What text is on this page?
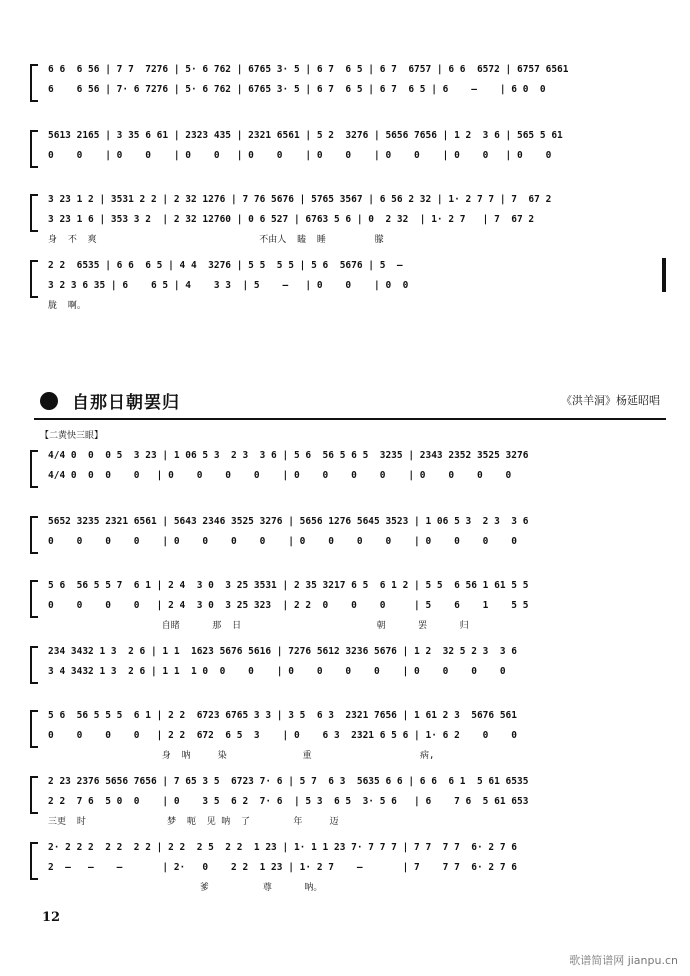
6 6  6 56 | 7 7  7276 | 5· 6 762 | 6765 3· 5 | 6 7  6 5 | 6 7  6757 | 6 6  6572 | 6757 6561
6    6 56 | 7· 6 7276 | 5· 6 762 | 6765 3· 5 | 6 7  6 5 | 6 7  6 5 | 6    —    | 6 0  0
5613 2165 | 3 35 6 61 | 2323 435 | 2321 6561 | 5 2  3276 | 5656 7656 | 1 2  3 6 | 565 5 61
0    0    | 0    0    | 0    0   | 0    0    | 0    0    | 0    0    | 0    0   | 0    0
3 23 1 2 | 3531 2 2 | 2 32 1276 | 7 76 5676 | 5765 3567 | 6 56 2 32 | 1· 2 7 7 | 7  67 2
3 23 1 6 | 353 3 2  | 2 32 12760 | 0 6 527 | 6763 5 6 | 0  2 32  | 1· 2 7   | 7  67 2
身  不  爽                              不由人  瞌  睡         朦
2 2  6535 | 6 6  6 5 | 4 4  3276 | 5 5  5 5 | 5 6  5676 | 5  —
3 2 3 6 35 | 6    6 5 | 4    3 3  | 5    —   | 0    0    | 0  0
胧  啊。
自那日朝罢归	《洪羊洞》杨延昭唱
【二黄快三眼】
4/4 0  0  0 5  3 23 | 1 06 5 3  2 3  3 6 | 5 6  56 5 6 5  3235 | 2343 2352 3525 3276
4/4 0  0  0    0   | 0    0    0    0    | 0    0    0    0    | 0    0    0    0
5652 3235 2321 6561 | 5643 2346 3525 3276 | 5656 1276 5645 3523 | 1 06 5 3  2 3  3 6
0    0    0    0    | 0    0    0    0    | 0    0    0    0    | 0    0    0    0
5 6  56 5 5 7  6 1 | 2 4  3 0  3 25 3531 | 2 35 3217 6 5  6 1 2 | 5 5  6 56 1 61 5 5
0    0    0    0   | 2 4  3 0  3 25 323  | 2 2  0    0    0     | 5    6    1    5 5
自睹      那  日                         朝      罢      归
234 3432 1 3  2 6 | 1 1  1623 5676 5616 | 7276 5612 3236 5676 | 1 2  32 5 2 3  3 6
3 4 3432 1 3  2 6 | 1 1  1 0  0    0    | 0    0    0    0    | 0    0    0    0
5 6  56 5 5 5  6 1 | 2 2  6723 6765 3 3 | 3 5  6 3  2321 7656 | 1 61 2 3  5676 561
0    0    0    0   | 2 2  672  6 5  3    | 0    6 3  2321 6 5 6 | 1· 6 2    0    0
身  呐     染              重                    病,
2 23 2376 5656 7656 | 7 65 3 5  6723 7· 6 | 5 7  6 3  5635 6 6 | 6 6  6 1  5 61 6535
2 2  7 6  5 0  0    | 0    3 5  6 2  7· 6  | 5 3  6 5  3· 5 6   | 6    7 6  5 61 653
三更  时               梦  呃  见 呐  了        年     迈
2· 2 2 2  2 2  2 2 | 2 2  2 5  2 2  1 23 | 1· 1 1 23 7· 7 7 7 | 7 7  7 7  6· 2 7 6
2  —   —    —       | 2·   0    2 2  1 23 | 1· 2 7    —       | 7    7 7  6· 2 7 6
爹          尊      呐。
12
歌谱简谱网 jianpu.cn
